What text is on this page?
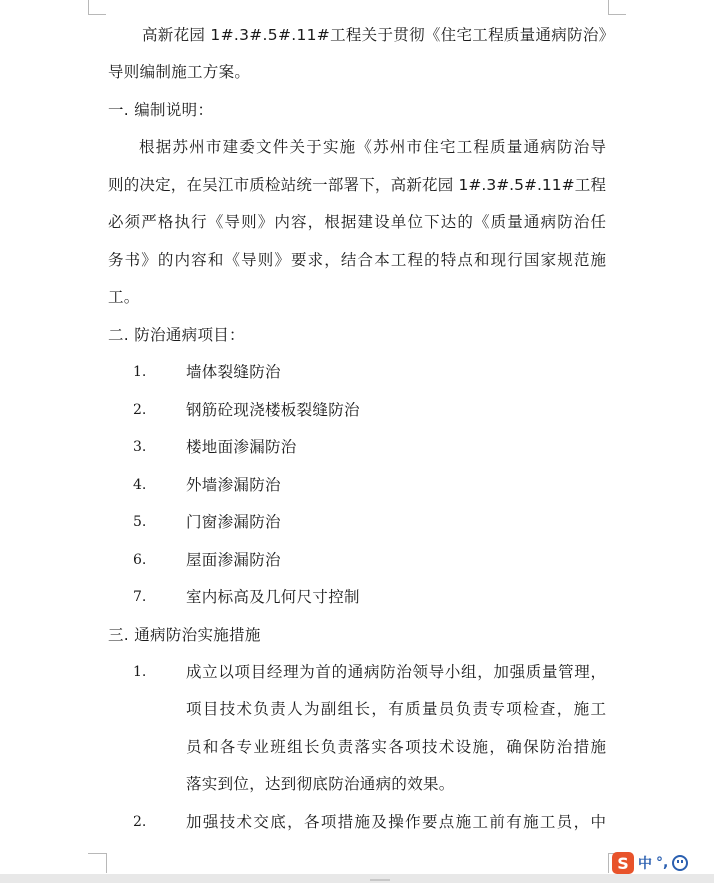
高新花园 1#.3#.5#.11#工程关于贯彻《住宅工程质量通病防治》
导则编制施工方案。
一. 编制说明：
根据苏州市建委文件关于实施《苏州市住宅工程质量通病防治导
则的决定，在吴江市质检站统一部署下，高新花园 1#.3#.5#.11#工程
必须严格执行《导则》内容，根据建设单位下达的《质量通病防治任
务书》的内容和《导则》要求，结合本工程的特点和现行国家规范施
工。
二. 防治通病项目：
1.	墙体裂缝防治
2.	钢筋砼现浇楼板裂缝防治
3.	楼地面渗漏防治
4.	外墙渗漏防治
5.	门窗渗漏防治
6.	屋面渗漏防治
7.	室内标高及几何尺寸控制
三. 通病防治实施措施
1.	成立以项目经理为首的通病防治领导小组，加强质量管理，
项目技术负责人为副组长，有质量员负责专项检查，施工
员和各专业班组长负责落实各项技术设施，确保防治措施
落实到位，达到彻底防治通病的效果。
2.	加强技术交底，各项措施及操作要点施工前有施工员，中
S 中 °,
